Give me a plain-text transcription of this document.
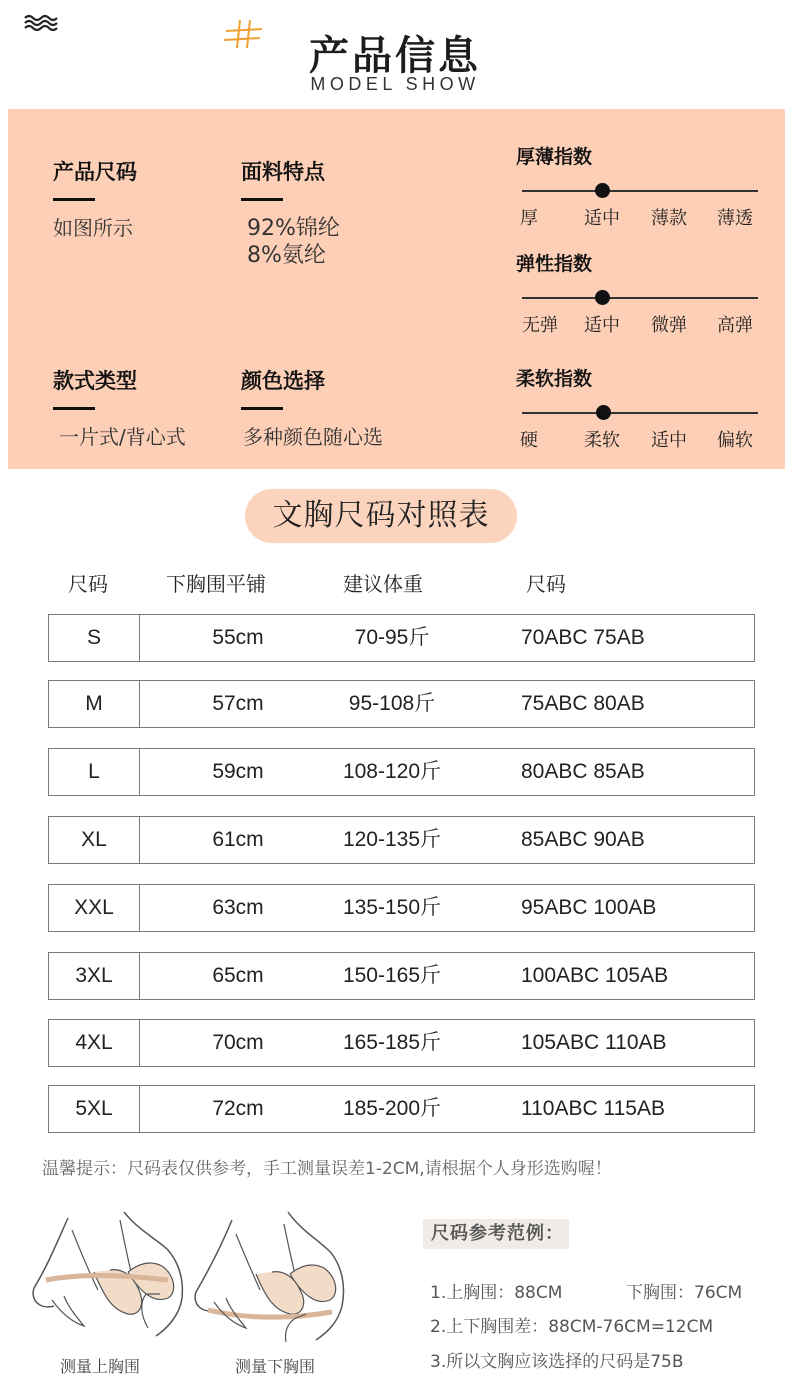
产品信息
MODEL SHOW
产品尺码
如图所示
面料特点
92%锦纶
8%氨纶
款式类型
一片式/背心式
颜色选择
多种颜色随心选
厚薄指数
厚	适中 薄款 薄透
弹性指数
无弹 适中 微弹 高弹
柔软指数
硬	柔软 适中 偏软
文胸尺码对照表
尺码	下胸围平铺	建议体重	尺码
S	55cm	70-95斤	70ABC 75AB
M	57cm	95-108斤	75ABC 80AB
L	59cm	108-120斤	80ABC 85AB
XL	61cm	120-135斤	85ABC 90AB
XXL	63cm	135-150斤	95ABC 100AB
3XL	65cm	150-165斤	100ABC 105AB
4XL	70cm	165-185斤	105ABC 110AB
5XL	72cm	185-200斤	110ABC 115AB
温馨提示：尺码表仅供参考，手工测量误差1-2CM,请根据个人身形选购喔！
测量上胸围	测量下胸围
尺码参考范例：
1.上胸围：88CM	下胸围：76CM
2.上下胸围差：88CM-76CM=12CM
3.所以文胸应该选择的尺码是75B
